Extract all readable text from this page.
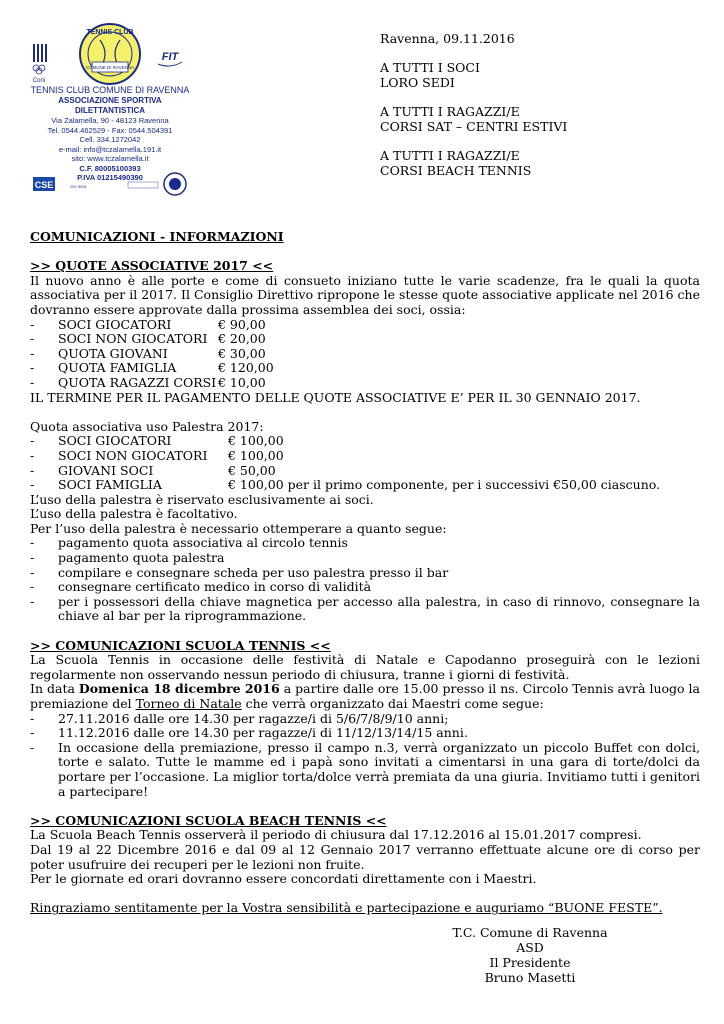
Coni
TENNIS CLUB
COMUNE DI RAVENNA
FIT
CSE	ISO 9001
TENNIS CLUB COMUNE DI RAVENNA
ASSOCIAZIONE SPORTIVA DILETTANTISTICA
Via Zalamella, 90 - 48123 Ravenna
Tel. 0544.462529 - Fax: 0544.504391
Cell. 334.1272042
e-mail: info@tczalamella.191.it
sito: www.tczalamella.it
C.F. 80005100393
P.IVA 01215490390

Ravenna, 09.11.2016

A TUTTI I SOCI
LORO SEDI

A TUTTI I RAGAZZI/E
CORSI SAT – CENTRI ESTIVI

A TUTTI I RAGAZZI/E
CORSI BEACH TENNIS

COMUNICAZIONI - INFORMAZIONI

>> QUOTE ASSOCIATIVE 2017 <<

Il nuovo anno è alle porte e come di consueto iniziano tutte le varie scadenze, fra le quali la quota associativa per il 2017. Il Consiglio Direttivo ripropone le stesse quote associative applicate nel 2016 che dovranno essere approvate dalla prossima assemblea dei soci, ossia:

-	SOCI GIOCATORI	€ 90,00
-	SOCI NON GIOCATORI € 20,00
-	QUOTA GIOVANI	€ 30,00
-	QUOTA FAMIGLIA	€ 120,00
-	QUOTA RAGAZZI CORSI € 10,00

IL TERMINE PER IL PAGAMENTO DELLE QUOTE ASSOCIATIVE E’ PER IL 30 GENNAIO 2017.

Quota associativa uso Palestra 2017:

-	SOCI GIOCATORI	€ 100,00
-	SOCI NON GIOCATORI	€ 100,00
-	GIOVANI SOCI	€ 50,00
-	SOCI FAMIGLIA	€ 100,00 per il primo componente, per i successivi €50,00 ciascuno.

L’uso della palestra è riservato esclusivamente ai soci.

L’uso della palestra è facoltativo.

Per l’uso della palestra è necessario ottemperare a quanto segue:

-	pagamento quota associativa al circolo tennis
-	pagamento quota palestra
-	compilare e consegnare scheda per uso palestra presso il bar
-	consegnare certificato medico in corso di validità
-	per i possessori della chiave magnetica per accesso alla palestra, in caso di rinnovo, consegnare la chiave al bar per la riprogrammazione.

>> COMUNICAZIONI SCUOLA TENNIS <<

La Scuola Tennis in occasione delle festività di Natale e Capodanno proseguirà con le lezioni regolarmente non osservando nessun periodo di chiusura, tranne i giorni di festività.

In data Domenica 18 dicembre 2016 a partire dalle ore 15.00 presso il ns. Circolo Tennis avrà luogo la premiazione del Torneo di Natale che verrà organizzato dai Maestri come segue:

-	27.11.2016 dalle ore 14.30 per ragazze/i di 5/6/7/8/9/10 anni;
-	11.12.2016 dalle ore 14.30 per ragazze/i di 11/12/13/14/15 anni.
-	In occasione della premiazione, presso il campo n.3, verrà organizzato un piccolo Buffet con dolci, torte e salato. Tutte le mamme ed i papà sono invitati a cimentarsi in una gara di torte/dolci da portare per l’occasione. La miglior torta/dolce verrà premiata da una giuria. Invitiamo tutti i genitori a partecipare!

>> COMUNICAZIONI SCUOLA BEACH TENNIS <<

La Scuola Beach Tennis osserverà il periodo di chiusura dal 17.12.2016 al 15.01.2017 compresi.

Dal 19 al 22 Dicembre 2016 e dal 09 al 12 Gennaio 2017 verranno effettuate alcune ore di corso per poter usufruire dei recuperi per le lezioni non fruite.

Per le giornate ed orari dovranno essere concordati direttamente con i Maestri.

Ringraziamo sentitamente per la Vostra sensibilità e partecipazione e auguriamo “BUONE FESTE”.

T.C. Comune di Ravenna ASD

Il Presidente

Bruno Masetti
